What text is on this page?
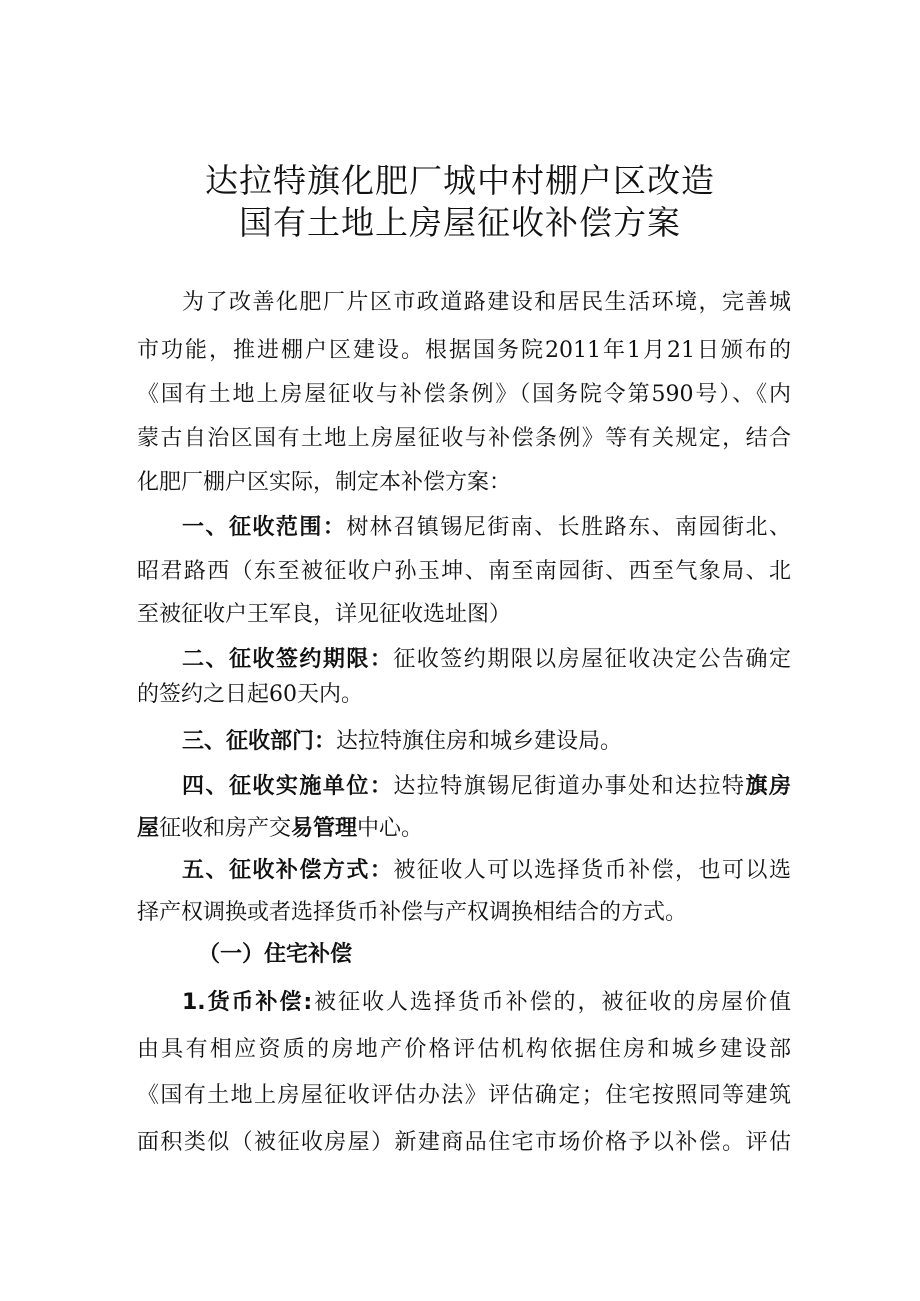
达拉特旗化肥厂城中村棚户区改造
国有土地上房屋征收补偿方案
为了改善化肥厂片区市政道路建设和居民生活环境，完善城
市功能，推进棚户区建设。根据国务院2011年1月21日颁布的
《国有土地上房屋征收与补偿条例》（国务院令第590号）、《内
蒙古自治区国有土地上房屋征收与补偿条例》等有关规定，结合
化肥厂棚户区实际，制定本补偿方案：
一、征收范围：树林召镇锡尼街南、长胜路东、南园街北、
昭君路西（东至被征收户孙玉坤、南至南园街、西至气象局、北
至被征收户王军良，详见征收选址图）
二、征收签约期限：征收签约期限以房屋征收决定公告确定
的签约之日起60天内。
三、征收部门：达拉特旗住房和城乡建设局。
四、征收实施单位：达拉特旗锡尼街道办事处和达拉特旗房
屋征收和房产交易管理中心。
五、征收补偿方式：被征收人可以选择货币补偿，也可以选
择产权调换或者选择货币补偿与产权调换相结合的方式。
（一）住宅补偿
1.货币补偿:被征收人选择货币补偿的，被征收的房屋价值
由具有相应资质的房地产价格评估机构依据住房和城乡建设部
《国有土地上房屋征收评估办法》评估确定；住宅按照同等建筑
面积类似（被征收房屋）新建商品住宅市场价格予以补偿。评估
